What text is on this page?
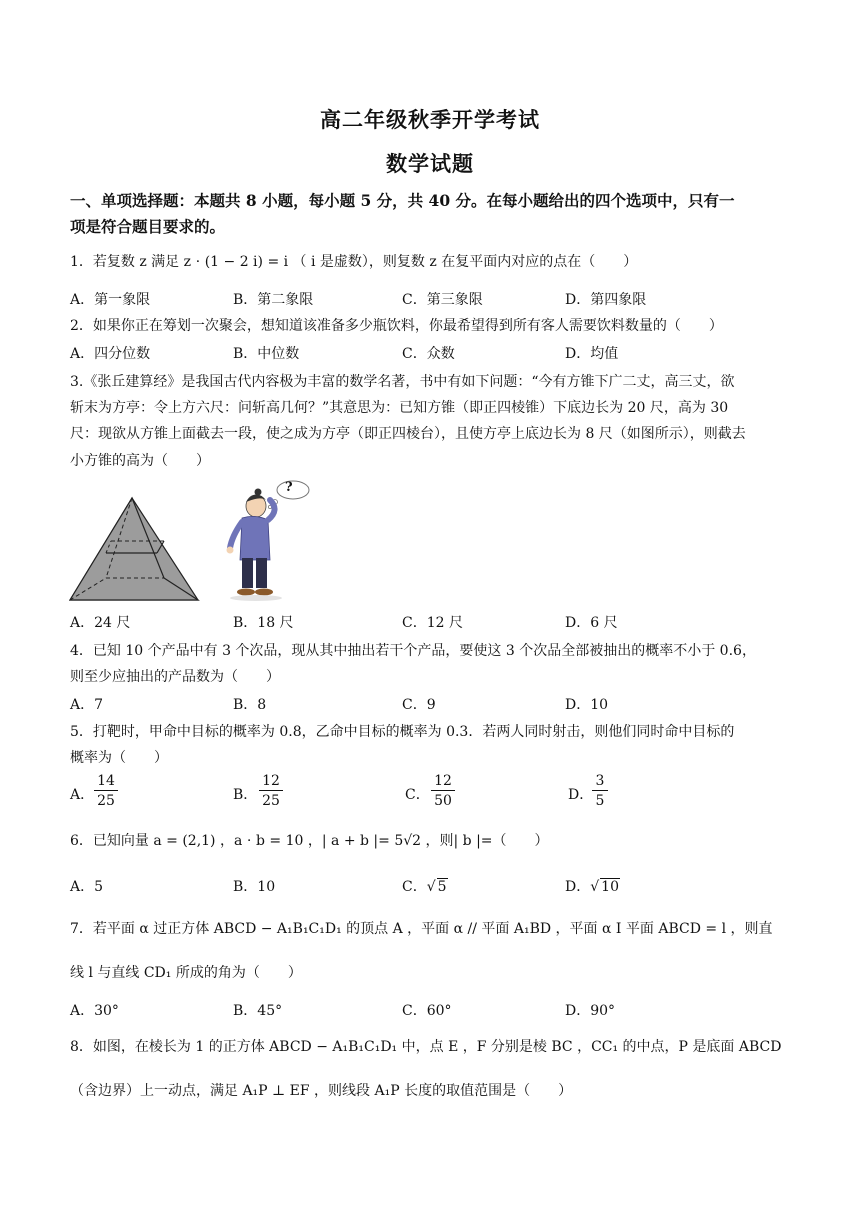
高二年级秋季开学考试
数学试题
一、单项选择题：本题共 8 小题，每小题 5 分，共 40 分。在每小题给出的四个选项中，只有一
项是符合题目要求的。
1．若复数 z 满足 z ⋅ (1 − 2 i) = i （ i 是虚数），则复数 z 在复平面内对应的点在（　　）
A．第一象限	B．第二象限	C．第三象限	D．第四象限
2．如果你正在筹划一次聚会，想知道该准备多少瓶饮料，你最希望得到所有客人需要饮料数量的（　　）
A．四分位数	B．中位数	C．众数	D．均值
3.《张丘建算经》是我国古代内容极为丰富的数学名著，书中有如下问题：“今有方锥下广二丈，高三丈，欲
斩末为方亭：令上方六尺：问斩高几何？”其意思为：已知方锥（即正四棱锥）下底边长为 20 尺，高为 30
尺：现欲从方锥上面截去一段，使之成为方亭（即正四棱台），且使方亭上底边长为 8 尺（如图所示），则截去
小方锥的高为（　　）
?
A．24 尺	B．18 尺	C．12 尺	D．6 尺
4．已知 10 个产品中有 3 个次品，现从其中抽出若干个产品，要使这 3 个次品全部被抽出的概率不小于 0.6，
则至少应抽出的产品数为（　　）
A．7	B．8	C．9	D．10
5．打靶时，甲命中目标的概率为 0.8，乙命中目标的概率为 0.3．若两人同时射击，则他们同时命中目标的
概率为（　　）
A． $\frac{14}{25}$	B． $\frac{12}{25}$	C． $\frac{12}{50}$	D．
$\frac{3}{5}$
6．已知向量 a = (2,1) ，a ⋅ b = 10 ，| a + b |= 5√2 ，则| b |=（　　）
A．5	B．10	C．√ 5	D．√ 10
7．若平面 α 过正方体 ABCD − A₁B₁C₁D₁ 的顶点 A ，平面 α // 平面 A₁BD ，平面 α I 平面 ABCD = l ，则直
线 l 与直线 CD₁ 所成的角为（　　）
A．30°	B．45°	C．60°	D．90°
8．如图，在棱长为 1 的正方体 ABCD − A₁B₁C₁D₁ 中，点 E ，F 分别是棱 BC ，CC₁ 的中点，P 是底面 ABCD
（含边界）上一动点，满足 A₁P ⊥ EF ，则线段 A₁P 长度的取值范围是（　　）
